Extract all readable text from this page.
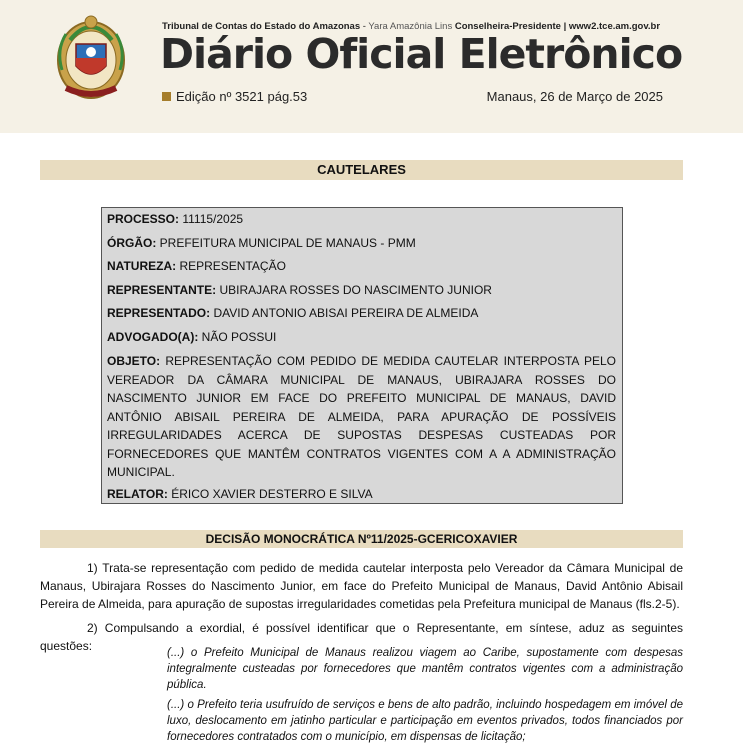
Tribunal de Contas do Estado do Amazonas - Yara Amazônia Lins Conselheira-Presidente | www2.tce.am.gov.br
Diário Oficial Eletrônico
Edição nº 3521 pág.53	Manaus, 26 de Março de 2025
CAUTELARES
PROCESSO: 11115/2025
ÓRGÃO: PREFEITURA MUNICIPAL DE MANAUS - PMM
NATUREZA: REPRESENTAÇÃO
REPRESENTANTE: UBIRAJARA ROSSES DO NASCIMENTO JUNIOR
REPRESENTADO: DAVID ANTONIO ABISAI PEREIRA DE ALMEIDA
ADVOGADO(A): NÃO POSSUI
OBJETO: REPRESENTAÇÃO COM PEDIDO DE MEDIDA CAUTELAR INTERPOSTA PELO VEREADOR DA CÂMARA MUNICIPAL DE MANAUS, UBIRAJARA ROSSES DO NASCIMENTO JUNIOR EM FACE DO PREFEITO MUNICIPAL DE MANAUS, DAVID ANTÔNIO ABISAIL PEREIRA DE ALMEIDA, PARA APURAÇÃO DE POSSÍVEIS IRREGULARIDADES ACERCA DE SUPOSTAS DESPESAS CUSTEADAS POR FORNECEDORES QUE MANTÊM CONTRATOS VIGENTES COM A A ADMINISTRAÇÃO MUNICIPAL.
RELATOR: ÉRICO XAVIER DESTERRO E SILVA
DECISÃO MONOCRÁTICA Nº11/2025-GCERICOXAVIER
1) Trata-se representação com pedido de medida cautelar interposta pelo Vereador da Câmara Municipal de Manaus, Ubirajara Rosses do Nascimento Junior, em face do Prefeito Municipal de Manaus, David Antônio Abisail Pereira de Almeida, para apuração de supostas irregularidades cometidas pela Prefeitura municipal de Manaus (fls.2-5).
2) Compulsando a exordial, é possível identificar que o Representante, em síntese, aduz as seguintes questões:	(...) o Prefeito Municipal de Manaus realizou viagem ao Caribe, supostamente com despesas integralmente custeadas por fornecedores que mantêm contratos vigentes com a administração pública.
(...) o Prefeito teria usufruído de serviços e bens de alto padrão, incluindo hospedagem em imóvel de luxo, deslocamento em jatinho particular e participação em eventos privados, todos financiados por fornecedores contratados com o município, em dispensas de licitação;
